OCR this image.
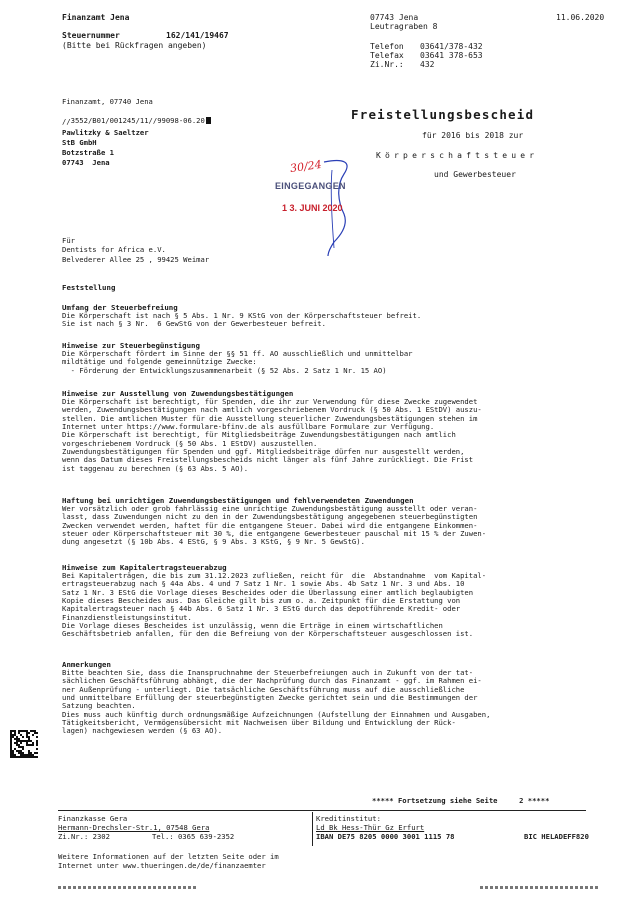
Finanzamt Jena
Steuernummer	162/141/19467
(Bitte bei Rückfragen angeben)
07743 Jena
Leutragraben 8
11.06.2020
Telefon 03641/378-432
Telefax 03641 378-653
Zi.Nr.: 432
Finanzamt, 07740 Jena

3552/B01/001245/11//99098-06.20

//
Pawlitzky & Saeltzer
StB GmbH
Botzstraße 1
07743  Jena
Freistellungsbescheid
für 2016 bis 2018 zur
Körperschaftsteuer
und Gewerbesteuer
30/24
EINGEGANGEN
1 3. JUNI 2020
Für
Dentists for Africa e.V.
Belvederer Allee 25 , 99425 Weimar
Feststellung
Umfang der Steuerbefreiung
Die Körperschaft ist nach § 5 Abs. 1 Nr. 9 KStG von der Körperschaftsteuer befreit.
Sie ist nach § 3 Nr.  6 GewStG von der Gewerbesteuer befreit.
Hinweise zur Steuerbegünstigung
Die Körperschaft fördert im Sinne der §§ 51 ff. AO ausschließlich und unmittelbar
mildtätige und folgende gemeinnützige Zwecke:
- Förderung der Entwicklungszusammenarbeit (§ 52 Abs. 2 Satz 1 Nr. 15 AO)
Hinweise zur Ausstellung von Zuwendungsbestätigungen
Die Körperschaft ist berechtigt, für Spenden, die ihr zur Verwendung für diese Zwecke zugewendet
werden, Zuwendungsbestätigungen nach amtlich vorgeschriebenem Vordruck (§ 50 Abs. 1 EStDV) auszu-
stellen. Die amtlichen Muster für die Ausstellung steuerlicher Zuwendungsbestätigungen stehen im
Internet unter https://www.formulare-bfinv.de als ausfüllbare Formulare zur Verfügung.
Die Körperschaft ist berechtigt, für Mitgliedsbeiträge Zuwendungsbestätigungen nach amtlich
vorgeschriebenem Vordruck (§ 50 Abs. 1 EStDV) auszustellen.
Zuwendungsbestätigungen für Spenden und ggf. Mitgliedsbeiträge dürfen nur ausgestellt werden,
wenn das Datum dieses Freistellungsbescheids nicht länger als fünf Jahre zurückliegt. Die Frist
ist taggenau zu berechnen (§ 63 Abs. 5 AO).
Haftung bei unrichtigen Zuwendungsbestätigungen und fehlverwendeten Zuwendungen
Wer vorsätzlich oder grob fahrlässig eine unrichtige Zuwendungsbestätigung ausstellt oder veran-
lasst, dass Zuwendungen nicht zu den in der Zuwendungsbestätigung angegebenen steuerbegünstigten
Zwecken verwendet werden, haftet für die entgangene Steuer. Dabei wird die entgangene Einkommen-
steuer oder Körperschaftsteuer mit 30 %, die entgangene Gewerbesteuer pauschal mit 15 % der Zuwen-
dung angesetzt (§ 10b Abs. 4 EStG, § 9 Abs. 3 KStG, § 9 Nr. 5 GewStG).
Hinweise zum Kapitalertragsteuerabzug
Bei Kapitalerträgen, die bis zum 31.12.2023 zufließen, reicht für  die  Abstandnahme  vom Kapital-
ertragsteuerabzug nach § 44a Abs. 4 und 7 Satz 1 Nr. 1 sowie Abs. 4b Satz 1 Nr. 3 und Abs. 10
Satz 1 Nr. 3 EStG die Vorlage dieses Bescheides oder die Überlassung einer amtlich beglaubigten
Kopie dieses Bescheides aus. Das Gleiche gilt bis zum o. a. Zeitpunkt für die Erstattung von
Kapitalertragsteuer nach § 44b Abs. 6 Satz 1 Nr. 3 EStG durch das depotführende Kredit- oder
Finanzdienstleistungsinstitut.
Die Vorlage dieses Bescheides ist unzulässig, wenn die Erträge in einem wirtschaftlichen
Geschäftsbetrieb anfallen, für den die Befreiung von der Körperschaftsteuer ausgeschlossen ist.
Anmerkungen
Bitte beachten Sie, dass die Inanspruchnahme der Steuerbefreiungen auch in Zukunft von der tat-
sächlichen Geschäftsführung abhängt, die der Nachprüfung durch das Finanzamt - ggf. im Rahmen ei-
ner Außenprüfung - unterliegt. Die tatsächliche Geschäftsführung muss auf die ausschließliche
und unmittelbare Erfüllung der steuerbegünstigten Zwecke gerichtet sein und die Bestimmungen der
Satzung beachten.
Dies muss auch künftig durch ordnungsmäßige Aufzeichnungen (Aufstellung der Einnahmen und Ausgaben,
Tätigkeitsbericht, Vermögensübersicht mit Nachweisen über Bildung und Entwicklung der Rück-
lagen) nachgewiesen werden (§ 63 AO).
***** Fortsetzung siehe Seite     2 *****
Finanzkasse Gera
Hermann-Drechsler-Str.1, 07548 Gera
Zi.Nr.: 2302	Tel.: 0365 639-2352
Kreditinstitut:
Ld Bk Hess-Thür Gz Erfurt
IBAN DE75 8205 0000 3001 1115 78	BIC HELADEFF820
Weitere Informationen auf der letzten Seite oder im
Internet unter www.thueringen.de/de/finanzaemter
